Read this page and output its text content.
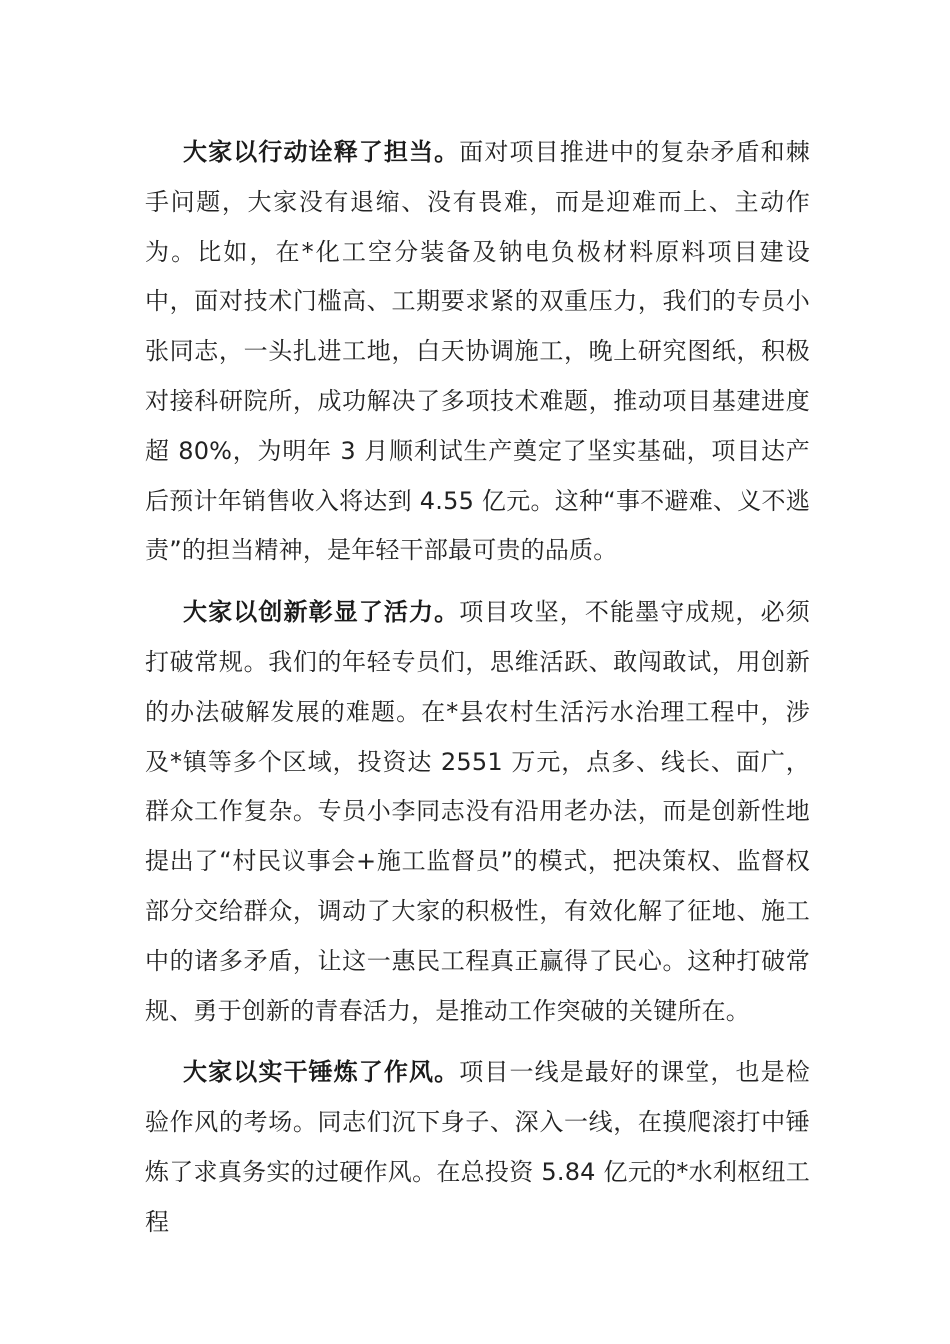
大家以行动诠释了担当。面对项目推进中的复杂矛盾和棘手问题，大家没有退缩、没有畏难，而是迎难而上、主动作为。比如，在*化工空分装备及钠电负极材料原料项目建设中，面对技术门槛高、工期要求紧的双重压力，我们的专员小张同志，一头扎进工地，白天协调施工，晚上研究图纸，积极对接科研院所，成功解决了多项技术难题，推动项目基建进度超 80%，为明年 3 月顺利试生产奠定了坚实基础，项目达产后预计年销售收入将达到 4.55 亿元。这种“事不避难、义不逃责”的担当精神，是年轻干部最可贵的品质。

大家以创新彰显了活力。项目攻坚，不能墨守成规，必须打破常规。我们的年轻专员们，思维活跃、敢闯敢试，用创新的办法破解发展的难题。在*县农村生活污水治理工程中，涉及*镇等多个区域，投资达 2551 万元，点多、线长、面广，群众工作复杂。专员小李同志没有沿用老办法，而是创新性地提出了“村民议事会+施工监督员”的模式，把决策权、监督权部分交给群众，调动了大家的积极性，有效化解了征地、施工中的诸多矛盾，让这一惠民工程真正赢得了民心。这种打破常规、勇于创新的青春活力，是推动工作突破的关键所在。

大家以实干锤炼了作风。项目一线是最好的课堂，也是检验作风的考场。同志们沉下身子、深入一线，在摸爬滚打中锤炼了求真务实的过硬作风。在总投资 5.84 亿元的*水利枢纽工程
